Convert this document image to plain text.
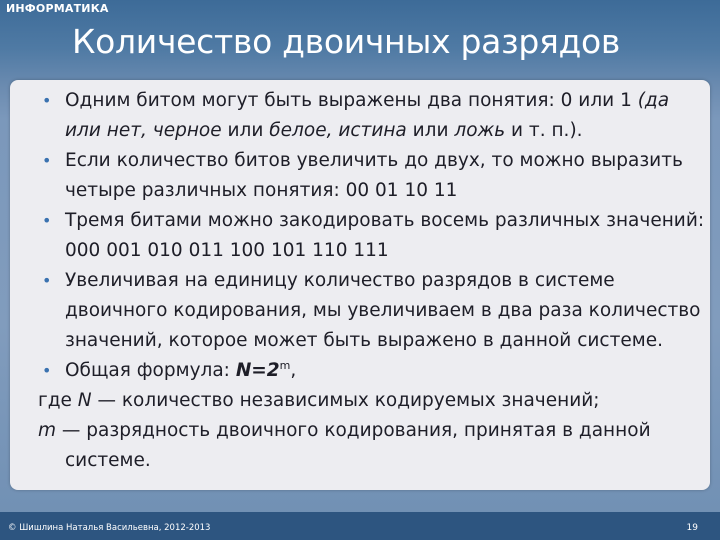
ИНФОРМАТИКА
Количество двоичных разрядов

• Одним битом могут быть выражены два понятия: 0 или 1 (да или нет, черное или белое, истина или ложь и т. п.).

• Если количество битов увеличить до двух, то можно выразить четыре различных понятия: 00 01 10 11

• Тремя битами можно закодировать восемь различных значений: 000 001 010 011 100 101 110 111

• Увеличивая на единицу количество разрядов в системе двоичного кодирования, мы увеличиваем в два раза количество значений, которое может быть выражено в данной системе.

• Общая формула: $N=2^m$,

где N — количество независимых кодируемых значений;

m — разрядность двоичного кодирования, принятая в данной

системе.

© Шишлина Наталья Васильевна, 2012-2013	19
